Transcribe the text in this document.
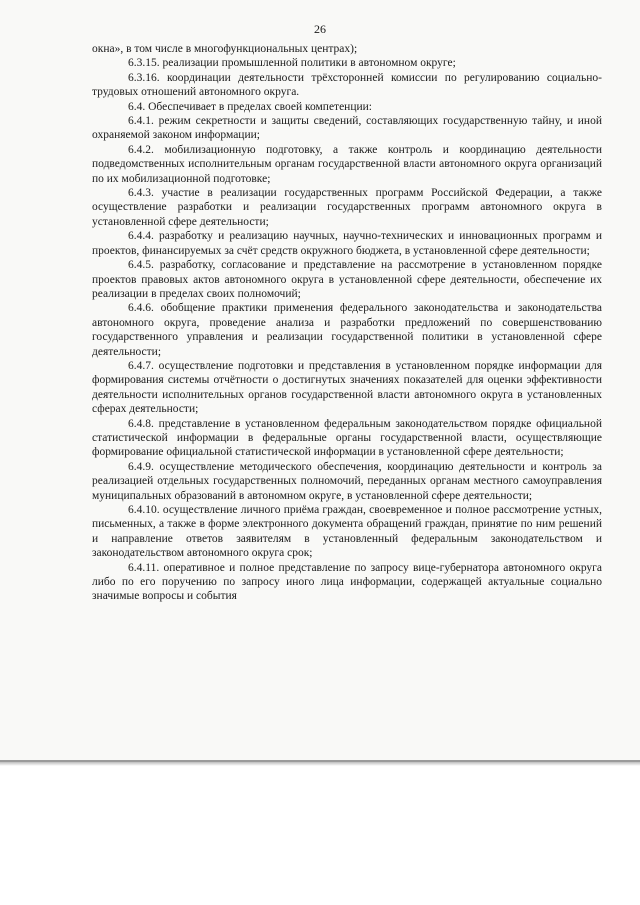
26

окна», в том числе в многофункциональных центрах);

6.3.15. реализации промышленной политики в автономном округе;

6.3.16. координации деятельности трёхсторонней комиссии по регулированию социально-трудовых отношений автономного округа.

6.4. Обеспечивает в пределах своей компетенции:

6.4.1. режим секретности и защиты сведений, составляющих государственную тайну, и иной охраняемой законом информации;

6.4.2. мобилизационную подготовку, а также контроль и координацию деятельности подведомственных исполнительным органам государственной власти автономного округа организаций по их мобилизационной подготовке;

6.4.3. участие в реализации государственных программ Российской Федерации, а также осуществление разработки и реализации государственных программ автономного округа в установленной сфере деятельности;

6.4.4. разработку и реализацию научных, научно-технических и инновационных программ и проектов, финансируемых за счёт средств окружного бюджета, в установленной сфере деятельности;

6.4.5. разработку, согласование и представление на рассмотрение в установленном порядке проектов правовых актов автономного округа в установленной сфере деятельности, обеспечение их реализации в пределах своих полномочий;

6.4.6. обобщение практики применения федерального законодательства и законодательства автономного округа, проведение анализа и разработки предложений по совершенствованию государственного управления и реализации государственной политики в установленной сфере деятельности;

6.4.7. осуществление подготовки и представления в установленном порядке информации для формирования системы отчётности о достигнутых значениях показателей для оценки эффективности деятельности исполнительных органов государственной власти автономного округа в установленных сферах деятельности;

6.4.8. представление в установленном федеральным законодательством порядке официальной статистической информации в федеральные органы государственной власти, осуществляющие формирование официальной статистической информации в установленной сфере деятельности;

6.4.9. осуществление методического обеспечения, координацию деятельности и контроль за реализацией отдельных государственных полномочий, переданных органам местного самоуправления муниципальных образований в автономном округе, в установленной сфере деятельности;

6.4.10. осуществление личного приёма граждан, своевременное и полное рассмотрение устных, письменных, а также в форме электронного документа обращений граждан, принятие по ним решений и направление ответов заявителям в установленный федеральным законодательством и законодательством автономного округа срок;

6.4.11. оперативное и полное представление по запросу вице-губернатора автономного округа либо по его поручению по запросу иного лица информации, содержащей актуальные социально значимые вопросы и события
